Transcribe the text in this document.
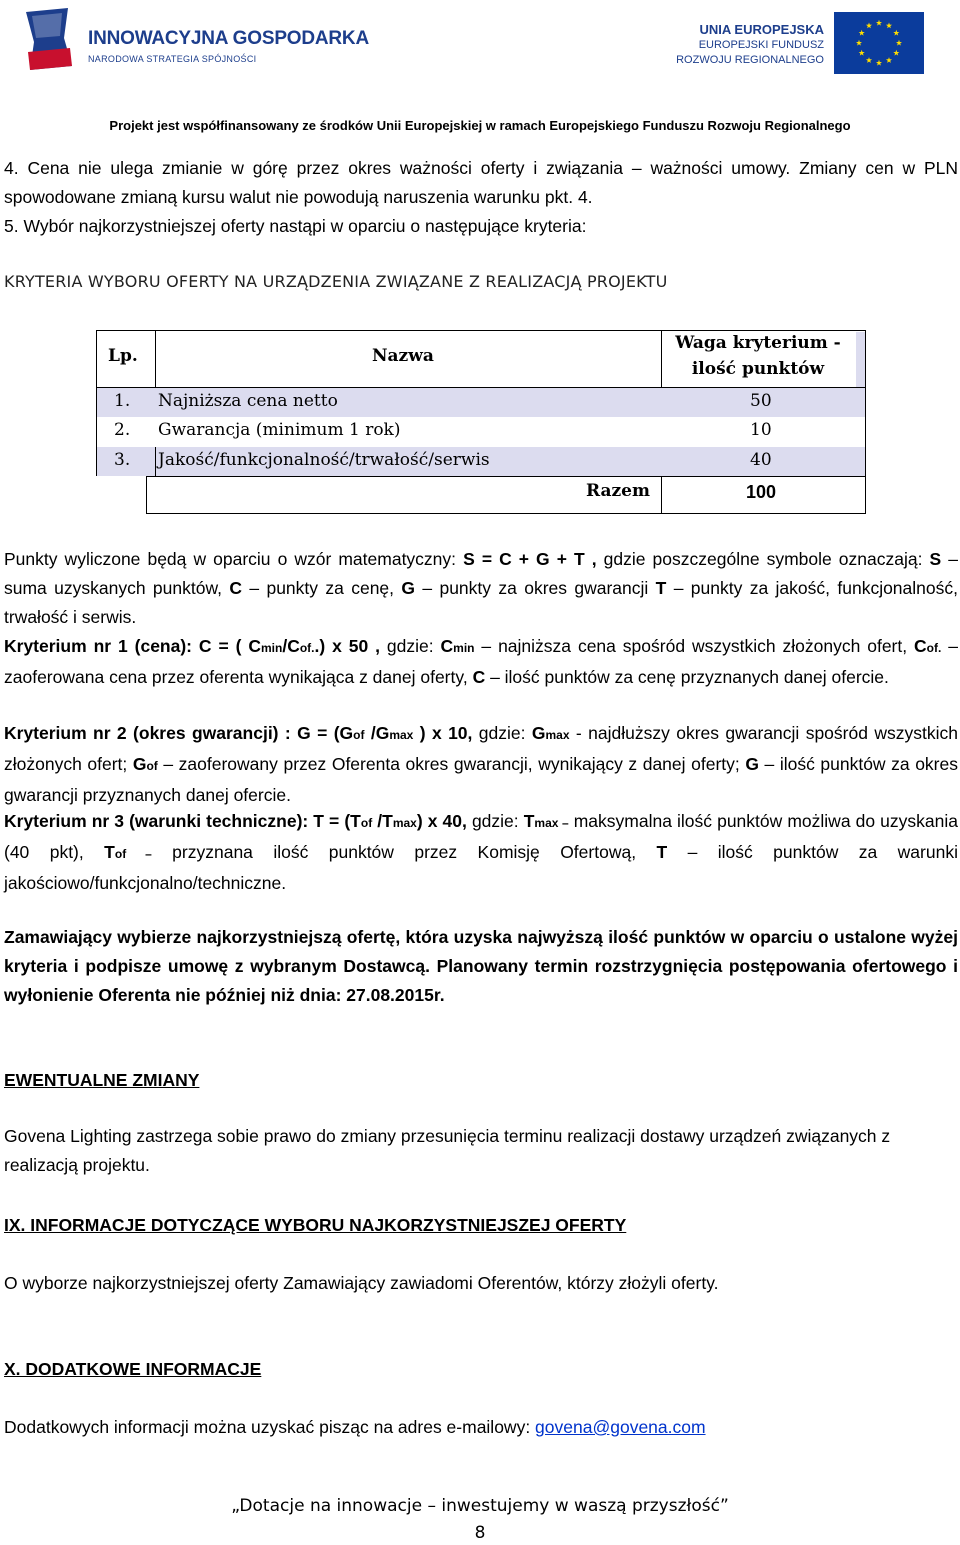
INNOWACYJNA GOSPODARKA
NARODOWA STRATEGIA SPÓJNOŚCI
UNIA EUROPEJSKA
EUROPEJSKI FUNDUSZ
ROZWOJU REGIONALNEGO
Projekt jest współfinansowany ze środków Unii Europejskiej w ramach Europejskiego Funduszu Rozwoju Regionalnego
4. Cena nie ulega zmianie w górę przez okres ważności oferty i związania – ważności umowy. Zmiany cen w PLN spowodowane zmianą kursu walut nie powodują naruszenia warunku pkt. 4.
5. Wybór najkorzystniejszej oferty nastąpi w oparciu o następujące kryteria:
KRYTERIA WYBORU OFERTY NA URZĄDZENIA ZWIĄZANE Z REALIZACJĄ PROJEKTU
Lp.	Nazwa
Waga kryterium -
ilość punktów
1. Najniższa cena netto	50
2. Gwarancja (minimum 1 rok)	10
3. Jakość/funkcjonalność/trwałość/serwis	40
Razem	100
Punkty wyliczone będą w oparciu o wzór matematyczny: S = C + G + T , gdzie poszczególne symbole oznaczają: S – suma uzyskanych punktów, C – punkty za cenę, G – punkty za okres gwarancji T – punkty za jakość, funkcjonalność, trwałość i serwis.
Kryterium nr 1 (cena): C = ( Cmin/Cof..) x 50 , gdzie: Cmin – najniższa cena spośród wszystkich złożonych ofert, Cof. – zaoferowana cena przez oferenta wynikająca z danej oferty, C – ilość punktów za cenę przyznanych danej ofercie.
Kryterium nr 2 (okres gwarancji) : G = (Gof /Gmax ) x 10, gdzie: Gmax - najdłuższy okres gwarancji spośród wszystkich złożonych ofert; Gof – zaoferowany przez Oferenta okres gwarancji, wynikający z danej oferty; G – ilość punktów za okres gwarancji przyznanych danej ofercie.
Kryterium nr 3 (warunki techniczne): T = (Tof /Tmax) x 40, gdzie: Tmax – maksymalna ilość punktów możliwa do uzyskania (40 pkt), Tof – przyznana ilość punktów przez Komisję Ofertową, T – ilość punktów za warunki jakościowo/funkcjonalno/techniczne.
Zamawiający wybierze najkorzystniejszą ofertę, która uzyska najwyższą ilość punktów w oparciu o ustalone wyżej kryteria i podpisze umowę z wybranym Dostawcą. Planowany termin rozstrzygnięcia postępowania ofertowego i wyłonienie Oferenta nie później niż dnia: 27.08.2015r.
EWENTUALNE ZMIANY
Govena Lighting zastrzega sobie prawo do zmiany przesunięcia terminu realizacji dostawy urządzeń związanych z realizacją projektu.
IX. INFORMACJE DOTYCZĄCE WYBORU NAJKORZYSTNIEJSZEJ OFERTY
O wyborze najkorzystniejszej oferty Zamawiający zawiadomi Oferentów, którzy złożyli oferty.
X. DODATKOWE INFORMACJE
Dodatkowych informacji można uzyskać pisząc na adres e-mailowy: govena@govena.com
„Dotacje na innowacje – inwestujemy w waszą przyszłość”
8
